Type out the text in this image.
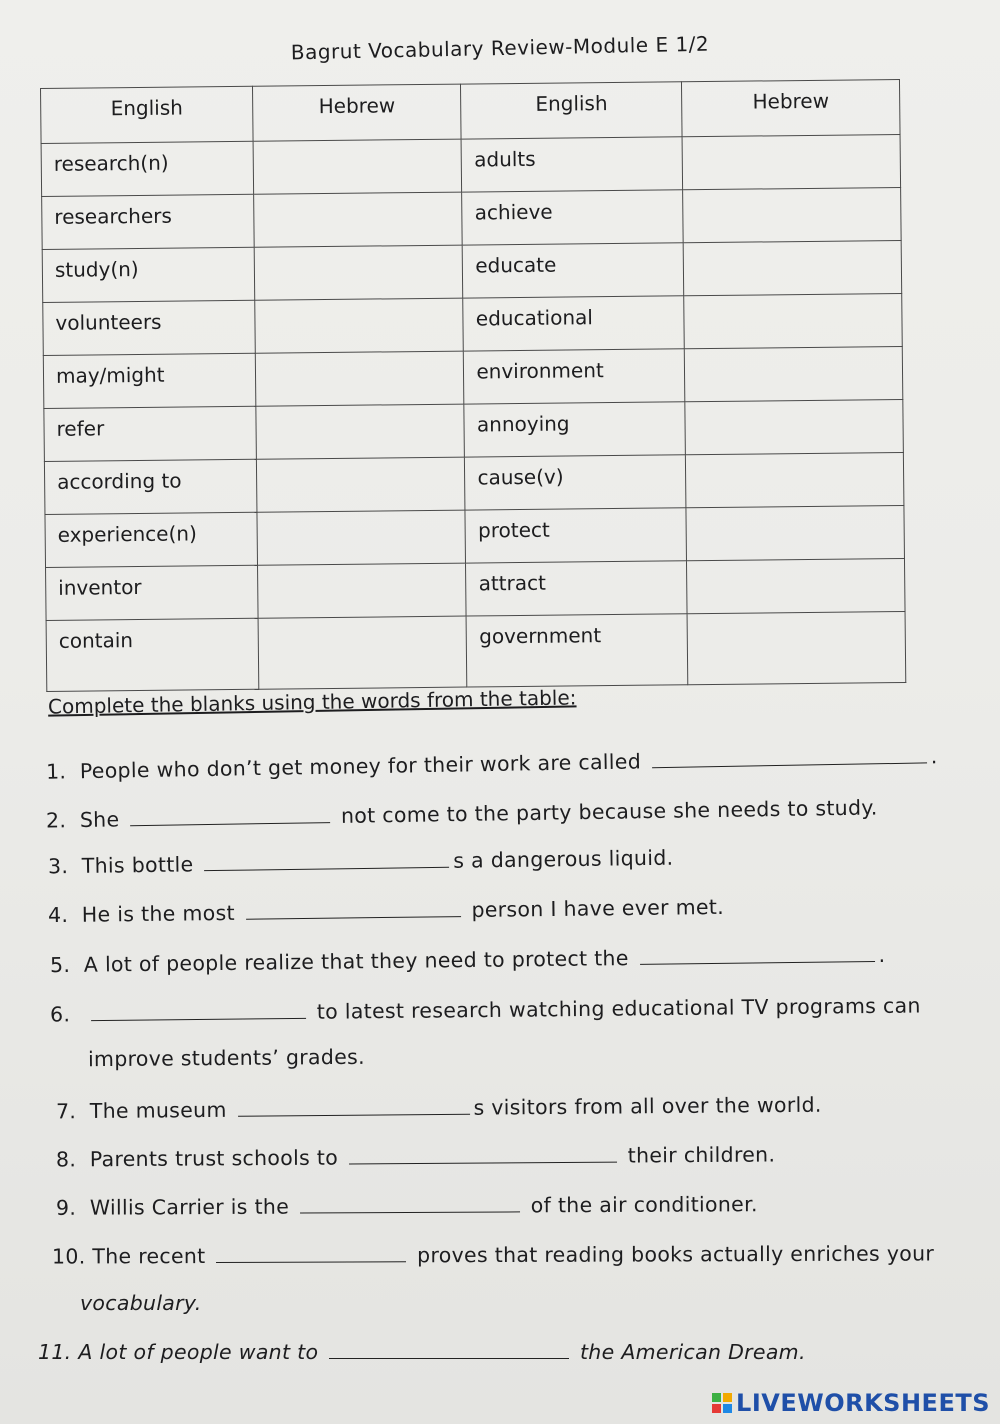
Bagrut Vocabulary Review-Module E 1/2
English	Hebrew	English	Hebrew
research(n)		adults	
researchers		achieve	
study(n)		educate	
volunteers		educational	
may/might		environment	
refer		annoying	
according to		cause(v)	
experience(n)		protect	
inventor		attract	
contain		government	
Complete the blanks using the words from the table:
1. People who don’t get money for their work are called	.
2. She	not come to the party because she needs to study.
3. This bottle	s a dangerous liquid.
4. He is the most	person I have ever met.
5. A lot of people realize that they need to protect the	.
6.	to latest research watching educational TV programs can
improve students’ grades.
7. The museum	s visitors from all over the world.
8. Parents trust schools to	their children.
9. Willis Carrier is the	of the air conditioner.
10. The recent	proves that reading books actually enriches your
vocabulary.
11. A lot of people want to	the American Dream.
LIVEWORKSHEETS
